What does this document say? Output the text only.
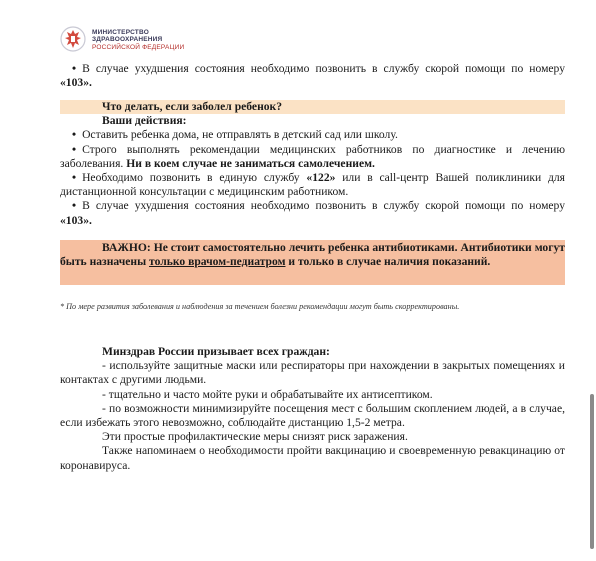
МИНИСТЕРСТВО
ЗДРАВООХРАНЕНИЯ
РОССИЙСКОЙ ФЕДЕРАЦИИ

• В случае ухудшения состояния необходимо позвонить в службу скорой помощи по номеру «103».

Что делать, если заболел ребенок?

Ваши действия:

• Оставить ребенка дома, не отправлять в детский сад или школу.

• Строго выполнять рекомендации медицинских работников по диагностике и лечению заболевания. Ни в коем случае не заниматься самолечением.

• Необходимо позвонить в единую службу «122» или в call-центр Вашей поликлиники для дистанционной консультации с медицинским работником.

• В случае ухудшения состояния необходимо позвонить в службу скорой помощи по номеру «103».

ВАЖНО: Не стоит самостоятельно лечить ребенка антибиотиками. Антибиотики могут быть назначены только врачом-педиатром и только в случае наличия показаний.
* По мере развития заболевания и наблюдения за течением болезни рекомендации могут быть скорректированы.

Минздрав России призывает всех граждан:

- используйте защитные маски или респираторы при нахождении в закрытых помещениях и контактах с другими людьми.

- тщательно и часто мойте руки и обрабатывайте их антисептиком.

- по возможности минимизируйте посещения мест с большим скоплением людей, а в случае, если избежать этого невозможно, соблюдайте дистанцию 1,5-2 метра.

Эти простые профилактические меры снизят риск заражения.

Также напоминаем о необходимости пройти вакцинацию и своевременную ревакцинацию от коронавируса.
